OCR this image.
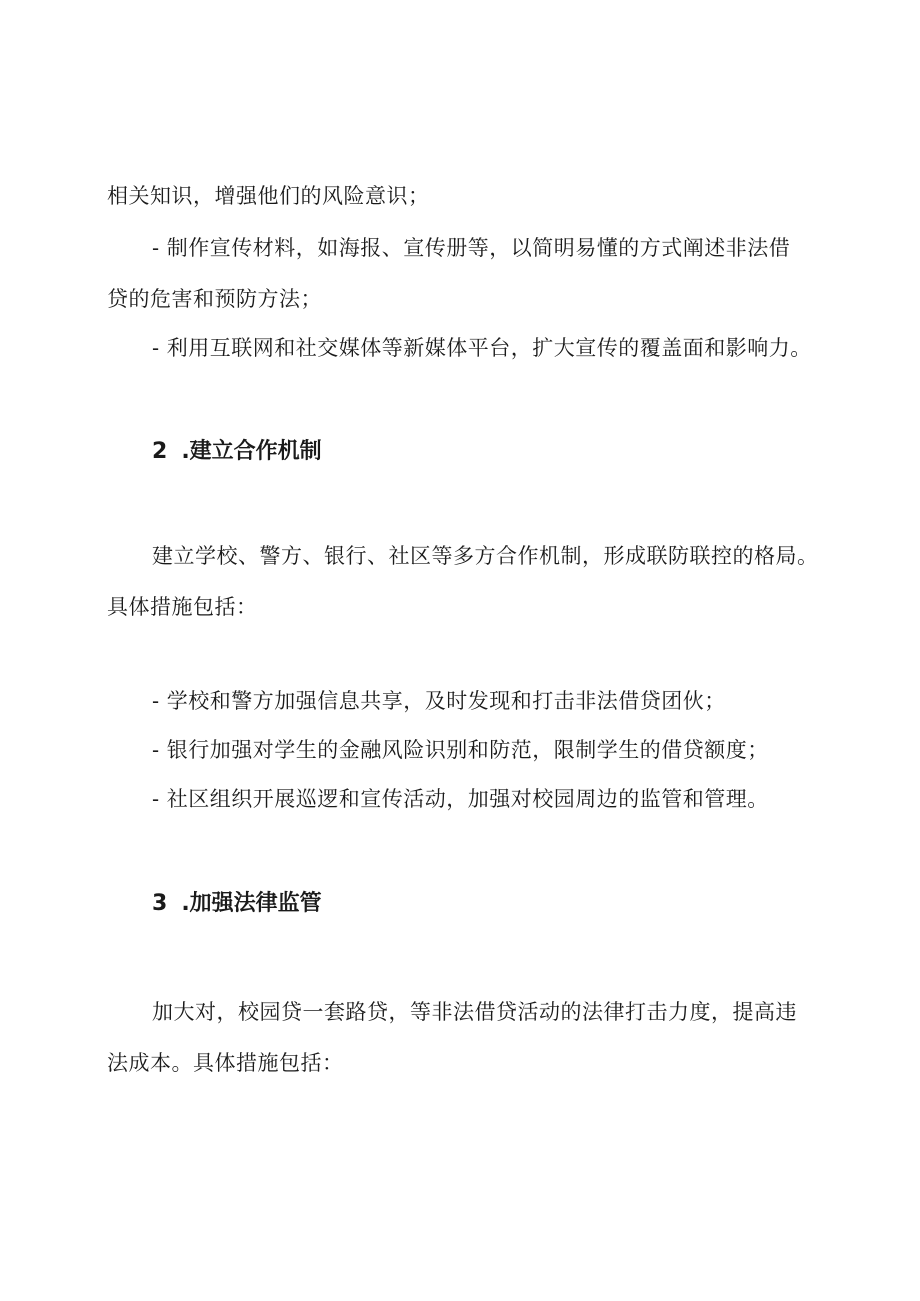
相关知识，增强他们的风险意识；
- 制作宣传材料，如海报、宣传册等，以简明易懂的方式阐述非法借
贷的危害和预防方法；
- 利用互联网和社交媒体等新媒体平台，扩大宣传的覆盖面和影响力。
2 .建立合作机制
建立学校、警方、银行、社区等多方合作机制，形成联防联控的格局。
具体措施包括：
- 学校和警方加强信息共享，及时发现和打击非法借贷团伙；
- 银行加强对学生的金融风险识别和防范，限制学生的借贷额度；
- 社区组织开展巡逻和宣传活动，加强对校园周边的监管和管理。
3 .加强法律监管
加大对，校园贷一套路贷，等非法借贷活动的法律打击力度，提高违
法成本。具体措施包括：
